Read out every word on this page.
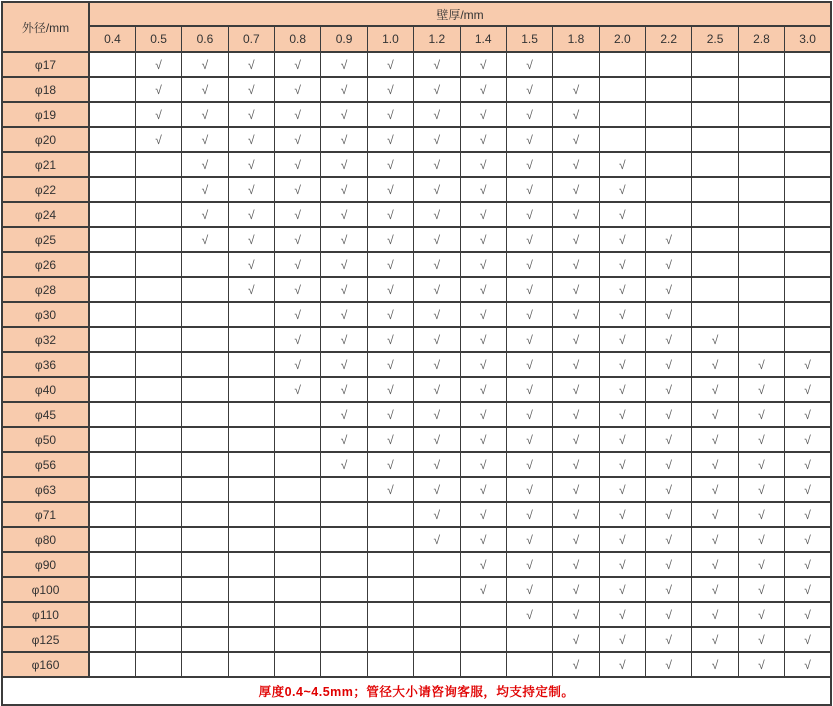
外径/mm	壁厚/mm															
	0.4	0.5	0.6	0.7	0.8	0.9	1.0	1.2	1.4	1.5	1.8	2.0	2.2	2.5	2.8	3.0
φ17		√	√	√	√	√	√	√	√	√						
φ18		√	√	√	√	√	√	√	√	√	√					
φ19		√	√	√	√	√	√	√	√	√	√					
φ20		√	√	√	√	√	√	√	√	√	√					
φ21			√	√	√	√	√	√	√	√	√	√				
φ22			√	√	√	√	√	√	√	√	√	√				
φ24			√	√	√	√	√	√	√	√	√	√				
φ25			√	√	√	√	√	√	√	√	√	√	√			
φ26				√	√	√	√	√	√	√	√	√	√			
φ28				√	√	√	√	√	√	√	√	√	√			
φ30					√	√	√	√	√	√	√	√	√			
φ32					√	√	√	√	√	√	√	√	√	√		
φ36					√	√	√	√	√	√	√	√	√	√	√	√
φ40					√	√	√	√	√	√	√	√	√	√	√	√
φ45						√	√	√	√	√	√	√	√	√	√	√
φ50						√	√	√	√	√	√	√	√	√	√	√
φ56						√	√	√	√	√	√	√	√	√	√	√
φ63							√	√	√	√	√	√	√	√	√	√
φ71								√	√	√	√	√	√	√	√	√
φ80								√	√	√	√	√	√	√	√	√
φ90									√	√	√	√	√	√	√	√
φ100									√	√	√	√	√	√	√	√
φ110										√	√	√	√	√	√	√
φ125											√	√	√	√	√	√
φ160											√	√	√	√	√	√
厚度0.4~4.5mm；管径大小请咨询客服，均支持定制。																
